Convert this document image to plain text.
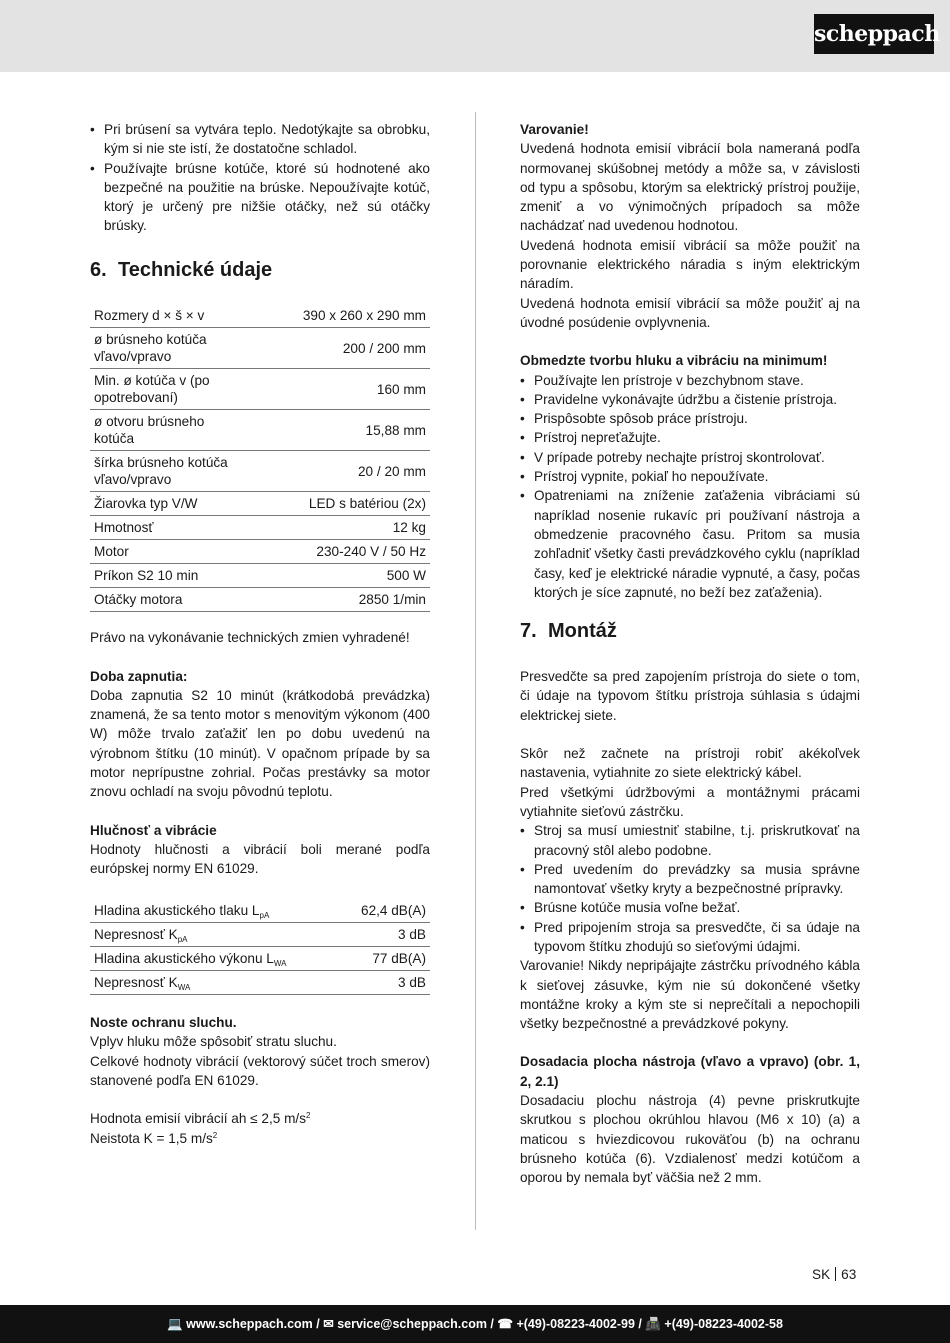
scheppach
• Pri brúsení sa vytvára teplo. Nedotýkajte sa obrobku, kým si nie ste istí, že dostatočne schladol.
• Používajte brúsne kotúče, ktoré sú hodnotené ako bezpečné na použitie na brúske. Nepoužívajte kotúč, ktorý je určený pre nižšie otáčky, než sú otáčky brúsky.
6. Technické údaje
Rozmery d × š × v	390 x 260 x 290 mm
ø brúsneho kotúča vľavo/vpravo	200 / 200 mm
Min. ø kotúča v (po opotrebovaní)	160 mm
ø otvoru brúsneho kotúča	15,88 mm
šírka brúsneho kotúča vľavo/vpravo	20 / 20 mm
Žiarovka typ V/W	LED s batériou (2x)
Hmotnosť	12 kg
Motor	230-240 V / 50 Hz
Príkon S2 10 min	500 W
Otáčky motora	2850 1/min

Právo na vykonávanie technických zmien vyhradené!

Doba zapnutia:

Doba zapnutia S2 10 minút (krátkodobá prevádzka) znamená, že sa tento motor s menovitým výkonom (400 W) môže trvalo zaťažiť len po dobu uvedenú na výrobnom štítku (10 minút). V opačnom prípade by sa motor neprípustne zohrial. Počas prestávky sa motor znovu ochladí na svoju pôvodnú teplotu.

Hlučnosť a vibrácie

Hodnoty hlučnosti a vibrácií boli merané podľa európskej normy EN 61029.

Hladina akustického tlaku $L_{pA}$	62,4 dB(A)
Nepresnosť $K_{pA}$	3 dB
Hladina akustického výkonu $L_{WA}$	77 dB(A)
Nepresnosť $K_{WA}$	3 dB

Noste ochranu sluchu.

Vplyv hluku môže spôsobiť stratu sluchu.

Celkové hodnoty vibrácií (vektorový súčet troch smerov) stanovené podľa EN 61029.

Hodnota emisií vibrácií ah ≤ 2,5 $m/s^2$

Neistota K = 1,5 $m/s^2$

Varovanie!

Uvedená hodnota emisií vibrácií bola nameraná podľa normovanej skúšobnej metódy a môže sa, v závislosti od typu a spôsobu, ktorým sa elektrický prístroj použije, zmeniť a vo výnimočných prípadoch sa môže nachádzať nad uvedenou hodnotou.

Uvedená hodnota emisií vibrácií sa môže použiť na porovnanie elektrického náradia s iným elektrickým náradím.

Uvedená hodnota emisií vibrácií sa môže použiť aj na úvodné posúdenie ovplyvnenia.

Obmedzte tvorbu hluku a vibráciu na minimum!

• Používajte len prístroje v bezchybnom stave.
• Pravidelne vykonávajte údržbu a čistenie prístroja.
• Prispôsobte spôsob práce prístroju.
• Prístroj nepreťažujte.
• V prípade potreby nechajte prístroj skontrolovať.
• Prístroj vypnite, pokiaľ ho nepoužívate.
• Opatreniami na zníženie zaťaženia vibráciami sú napríklad nosenie rukavíc pri používaní nástroja a obmedzenie pracovného času. Pritom sa musia zohľadniť všetky časti prevádzkového cyklu (napríklad časy, keď je elektrické náradie vypnuté, a časy, počas ktorých je síce zapnuté, no beží bez zaťaženia).
7. Montáž

Presvedčte sa pred zapojením prístroja do siete o tom, či údaje na typovom štítku prístroja súhlasia s údajmi elektrickej siete.

Skôr než začnete na prístroji robiť akékoľvek nastavenia, vytiahnite zo siete elektrický kábel.

Pred všetkými údržbovými a montážnymi prácami vytiahnite sieťovú zástrčku.

• Stroj sa musí umiestniť stabilne, t.j. priskrutkovať na pracovný stôl alebo podobne.
• Pred uvedením do prevádzky sa musia správne namontovať všetky kryty a bezpečnostné prípravky.
• Brúsne kotúče musia voľne bežať.
• Pred pripojením stroja sa presvedčte, či sa údaje na typovom štítku zhodujú so sieťovými údajmi.

Varovanie! Nikdy nepripájajte zástrčku prívodného kábla k sieťovej zásuvke, kým nie sú dokončené všetky montážne kroky a kým ste si neprečítali a nepochopili všetky bezpečnostné a prevádzkové pokyny.

Dosadacia plocha nástroja (vľavo a vpravo) (obr. 1, 2, 2.1)

Dosadaciu plochu nástroja (4) pevne priskrutkujte skrutkou s plochou okrúhlou hlavou (M6 x 10) (a) a maticou s hviezdicovou rukoväťou (b) na ochranu brúsneho kotúča (6). Vzdialenosť medzi kotúčom a oporou by nemala byť väčšia než 2 mm.

SK 63
💻 www.scheppach.com / ✉ service@scheppach.com / ☎ +(49)-08223-4002-99 / 📠 +(49)-08223-4002-58
